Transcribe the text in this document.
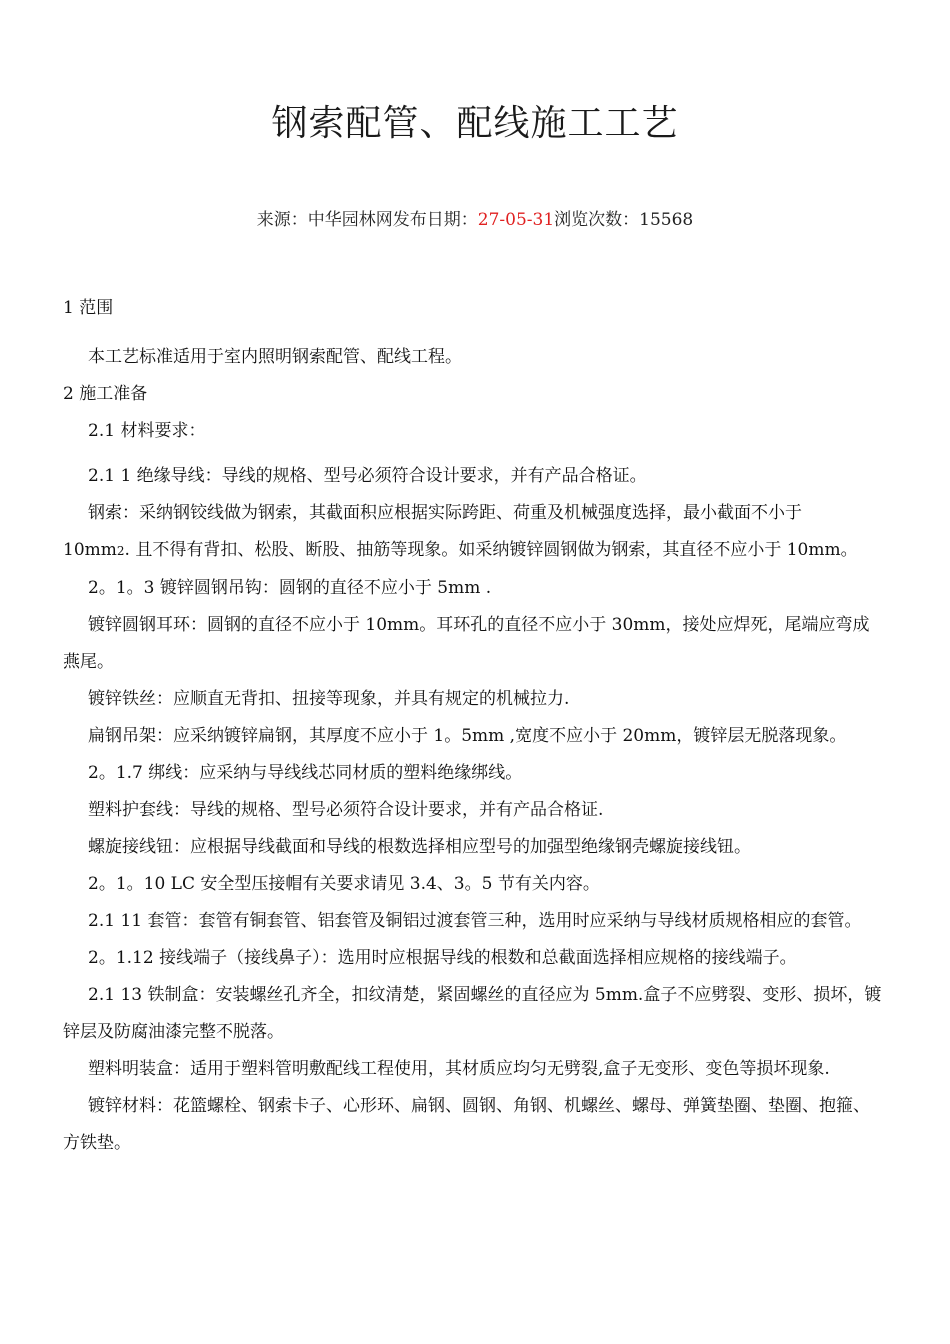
钢索配管、配线施工工艺
来源：中华园林网发布日期：27-05-31浏览次数：15568

1 范围

本工艺标准适用于室内照明钢索配管、配线工程。

2 施工准备

2.1 材料要求：

2.1 1 绝缘导线：导线的规格、型号必须符合设计要求，并有产品合格证。

钢索：采纳钢铰线做为钢索，其截面积应根据实际跨距、荷重及机械强度选择，最小截面不小于

10mm2. 且不得有背扣、松股、断股、抽筋等现象。如采纳镀锌圆钢做为钢索，其直径不应小于 10mm。

2。1。3 镀锌圆钢吊钩：圆钢的直径不应小于 5mm .

镀锌圆钢耳环：圆钢的直径不应小于 10mm。耳环孔的直径不应小于 30mm，接处应焊死，尾端应弯成燕尾。

镀锌铁丝：应顺直无背扣、扭接等现象，并具有规定的机械拉力.

扁钢吊架：应采纳镀锌扁钢，其厚度不应小于 1。5mm ,宽度不应小于 20mm，镀锌层无脱落现象。

2。1.7 绑线：应采纳与导线线芯同材质的塑料绝缘绑线。

塑料护套线：导线的规格、型号必须符合设计要求，并有产品合格证.

螺旋接线钮：应根据导线截面和导线的根数选择相应型号的加强型绝缘钢壳螺旋接线钮。

2。1。10 LC 安全型压接帽有关要求请见 3.4、3。5 节有关内容。

2.1 11 套管：套管有铜套管、铝套管及铜铝过渡套管三种，选用时应采纳与导线材质规格相应的套管。

2。1.12 接线端子（接线鼻子）：选用时应根据导线的根数和总截面选择相应规格的接线端子。

2.1 13 铁制盒：安装螺丝孔齐全，扣纹清楚，紧固螺丝的直径应为 5mm.盒子不应劈裂、变形、损坏，镀锌层及防腐油漆完整不脱落。

塑料明装盒：适用于塑料管明敷配线工程使用，其材质应均匀无劈裂,盒子无变形、变色等损坏现象.

镀锌材料：花篮螺栓、钢索卡子、心形环、扁钢、圆钢、角钢、机螺丝、螺母、弹簧垫圈、垫圈、抱箍、方铁垫。
